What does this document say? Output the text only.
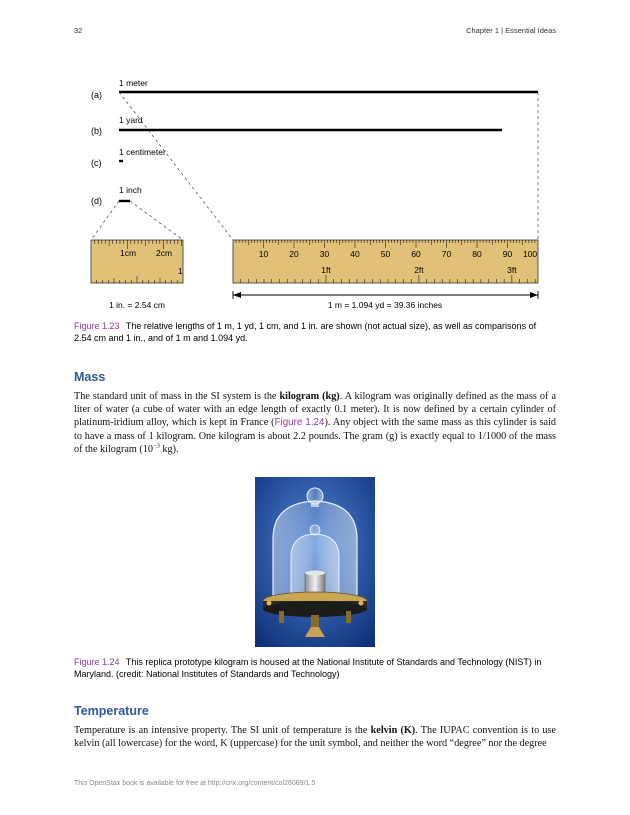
32	Chapter 1 | Essential Ideas
(a)
(b)
(c)
(d)
1 meter
1 yard
1 centimeter
1 inch
1cm 2cm
1
10 20 30 40 50 60 70 80 90 100
1ft	2ft	3ft
1 in. = 2.54 cm	1 m = 1.094 yd = 39.36 inches
Figure 1.23 The relative lengths of 1 m, 1 yd, 1 cm, and 1 in. are shown (not actual size), as well as comparisons of 2.54 cm and 1 in., and of 1 m and 1.094 yd.
Mass
The standard unit of mass in the SI system is the kilogram (kg). A kilogram was originally defined as the mass of a liter of water (a cube of water with an edge length of exactly 0.1 meter). It is now defined by a certain cylinder of platinum-iridium alloy, which is kept in France (Figure 1.24). Any object with the same mass as this cylinder is said to have a mass of 1 kilogram. One kilogram is about 2.2 pounds. The gram (g) is exactly equal to 1/1000 of the mass of the kilogram ($10^{-3}$ kg).
Figure 1.24 This replica prototype kilogram is housed at the National Institute of Standards and Technology (NIST) in Maryland. (credit: National Institutes of Standards and Technology)
Temperature
Temperature is an intensive property. The SI unit of temperature is the kelvin (K). The IUPAC convention is to use kelvin (all lowercase) for the word, K (uppercase) for the unit symbol, and neither the word “degree” nor the degree
This OpenStax book is available for free at http://cnx.org/content/col26069/1.5
